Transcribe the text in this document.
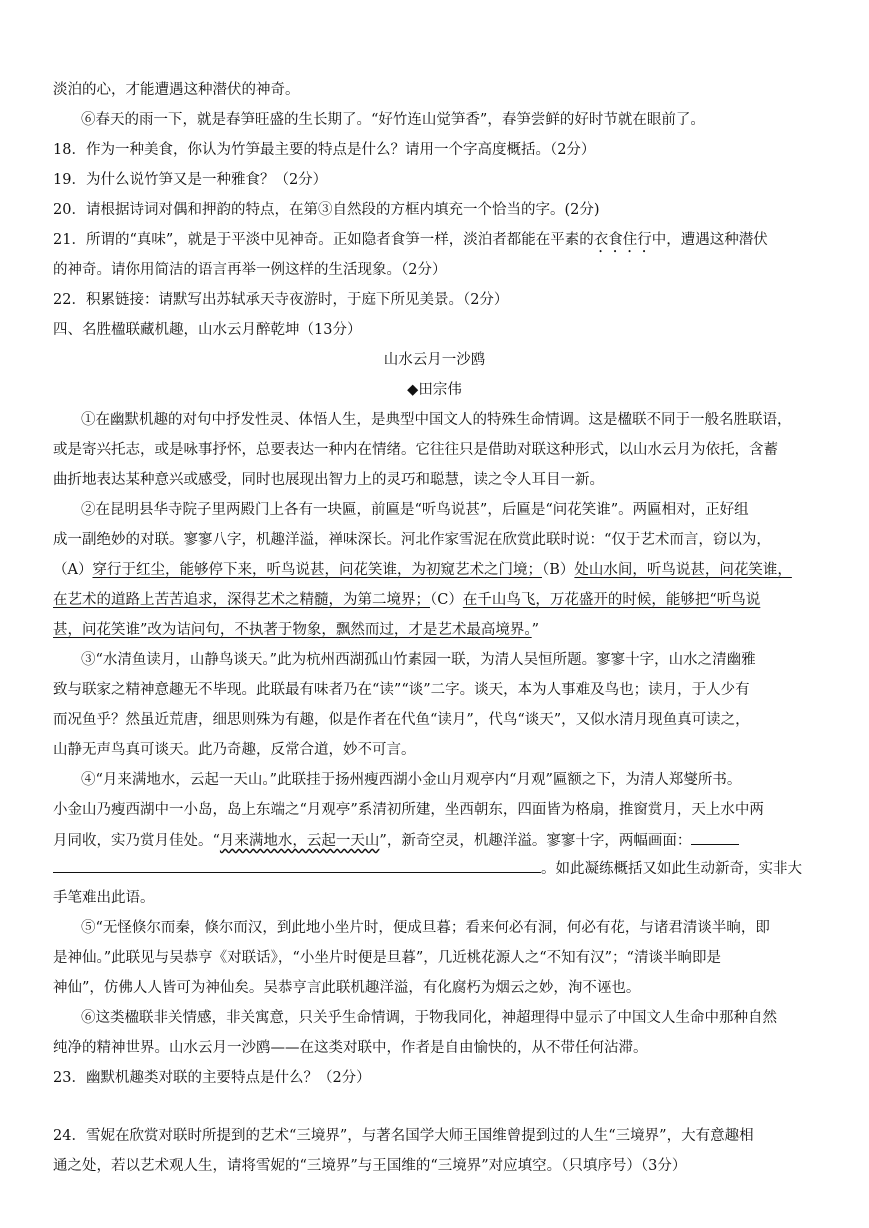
淡泊的心，才能遭遇这种潜伏的神奇。
⑥春天的雨一下，就是春笋旺盛的生长期了。“好竹连山觉笋香”，春笋尝鲜的好时节就在眼前了。
18．作为一种美食，你认为竹笋最主要的特点是什么？请用一个字高度概括。（2分）
19．为什么说竹笋又是一种雅食？（2分）
20．请根据诗词对偶和押韵的特点，在第③自然段的方框内填充一个恰当的字。(2分)
21．所谓的“真味”，就是于平淡中见神奇。正如隐者食笋一样，淡泊者都能在平素的衣食住行中，遭遇这种潜伏
的神奇。请你用简洁的语言再举一例这样的生活现象。（2分）
22．积累链接：请默写出苏轼承天寺夜游时，于庭下所见美景。（2分）
四、名胜楹联藏机趣，山水云月醉乾坤（13分）
山水云月一沙鸥
◆田宗伟
①在幽默机趣的对句中抒发性灵、体悟人生，是典型中国文人的特殊生命情调。这是楹联不同于一般名胜联语，
或是寄兴托志，或是咏事抒怀，总要表达一种内在情绪。它往往只是借助对联这种形式，以山水云月为依托，含蓄
曲折地表达某种意兴或感受，同时也展现出智力上的灵巧和聪慧，读之令人耳目一新。
②在昆明县华寺院子里两殿门上各有一块匾，前匾是“听鸟说甚”，后匾是“问花笑谁”。两匾相对，正好组
成一副绝妙的对联。寥寥八字，机趣洋溢，禅味深长。河北作家雪泥在欣赏此联时说：“仅于艺术而言，窃以为，
（A）穿行于红尘，能够停下来，听鸟说甚，问花笑谁，为初窥艺术之门境；（B）处山水间，听鸟说甚，问花笑谁，
在艺术的道路上苦苦追求，深得艺术之精髓，为第二境界；（C）在千山鸟飞，万花盛开的时候，能够把“听鸟说
甚，问花笑谁”改为诘问句，不执著于物象，飘然而过，才是艺术最高境界。”
③“水清鱼读月，山静鸟谈天。”此为杭州西湖孤山竹素园一联，为清人吴恒所题。寥寥十字，山水之清幽雅
致与联家之精神意趣无不毕现。此联最有味者乃在“读”“谈”二字。谈天，本为人事难及鸟也；读月，于人少有
而况鱼乎？然虽近荒唐，细思则殊为有趣，似是作者在代鱼“读月”，代鸟“谈天”，又似水清月现鱼真可读之，
山静无声鸟真可谈天。此乃奇趣，反常合道，妙不可言。
④“月来满地水，云起一天山。”此联挂于扬州瘦西湖小金山月观亭内“月观”匾额之下，为清人郑燮所书。
小金山乃瘦西湖中一小岛，岛上东端之“月观亭”系清初所建，坐西朝东，四面皆为格扇，推窗赏月，天上水中两
月同收，实乃赏月佳处。“月来满地水，云起一天山”，新奇空灵，机趣洋溢。寥寥十字，两幅画面：
。如此凝练概括又如此生动新奇，实非大
手笔难出此语。
⑤“无怪倏尔而秦，倏尔而汉，到此地小坐片时，便成旦暮；看来何必有洞，何必有花，与诸君清谈半晌，即
是神仙。”此联见与吴恭亨《对联话》，“小坐片时便是旦暮”，几近桃花源人之“不知有汉”；“清谈半晌即是
神仙”，仿佛人人皆可为神仙矣。吴恭亨言此联机趣洋溢，有化腐朽为烟云之妙，洵不诬也。
⑥这类楹联非关情感，非关寓意，只关乎生命情调，于物我同化，神超理得中显示了中国文人生命中那种自然
纯净的精神世界。山水云月一沙鸥——在这类对联中，作者是自由愉快的，从不带任何沾滞。
23．幽默机趣类对联的主要特点是什么？（2分）
24．雪妮在欣赏对联时所提到的艺术“三境界”，与著名国学大师王国维曾提到过的人生“三境界”，大有意趣相
通之处，若以艺术观人生，请将雪妮的“三境界”与王国维的“三境界”对应填空。（只填序号）（3分）
